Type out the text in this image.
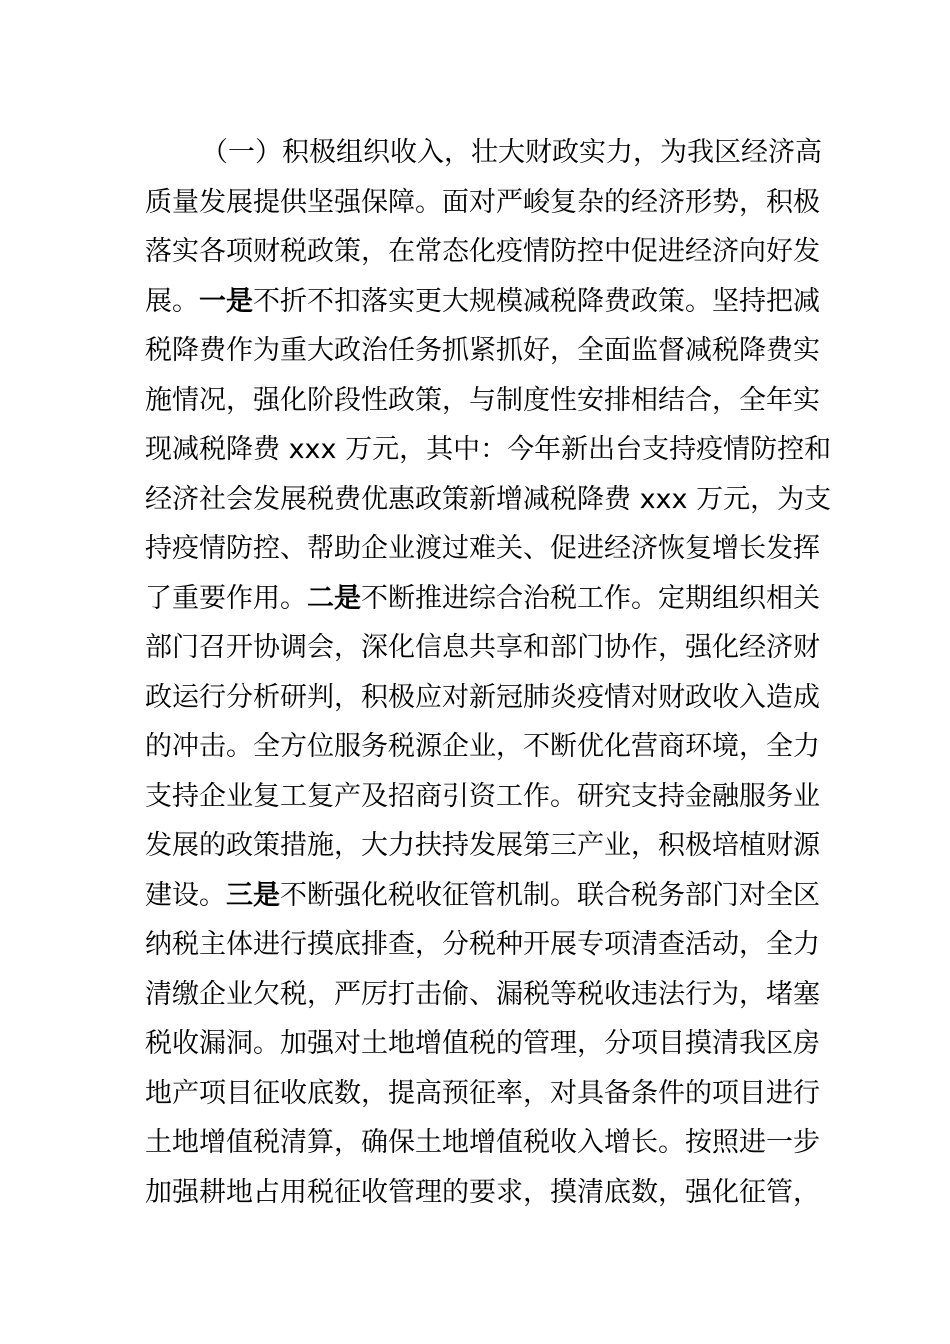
（一）积极组织收入，壮大财政实力，为我区经济高
质量发展提供坚强保障。面对严峻复杂的经济形势，积极
落实各项财税政策，在常态化疫情防控中促进经济向好发
展。一是不折不扣落实更大规模减税降费政策。坚持把减
税降费作为重大政治任务抓紧抓好，全面监督减税降费实
施情况，强化阶段性政策，与制度性安排相结合，全年实
现减税降费 xxx 万元，其中：今年新出台支持疫情防控和
经济社会发展税费优惠政策新增减税降费 xxx 万元，为支
持疫情防控、帮助企业渡过难关、促进经济恢复增长发挥
了重要作用。二是不断推进综合治税工作。定期组织相关
部门召开协调会，深化信息共享和部门协作，强化经济财
政运行分析研判，积极应对新冠肺炎疫情对财政收入造成
的冲击。全方位服务税源企业，不断优化营商环境，全力
支持企业复工复产及招商引资工作。研究支持金融服务业
发展的政策措施，大力扶持发展第三产业，积极培植财源
建设。三是不断强化税收征管机制。联合税务部门对全区
纳税主体进行摸底排查，分税种开展专项清查活动，全力
清缴企业欠税，严厉打击偷、漏税等税收违法行为，堵塞
税收漏洞。加强对土地增值税的管理，分项目摸清我区房
地产项目征收底数，提高预征率，对具备条件的项目进行
土地增值税清算，确保土地增值税收入增长。按照进一步
加强耕地占用税征收管理的要求，摸清底数，强化征管，
